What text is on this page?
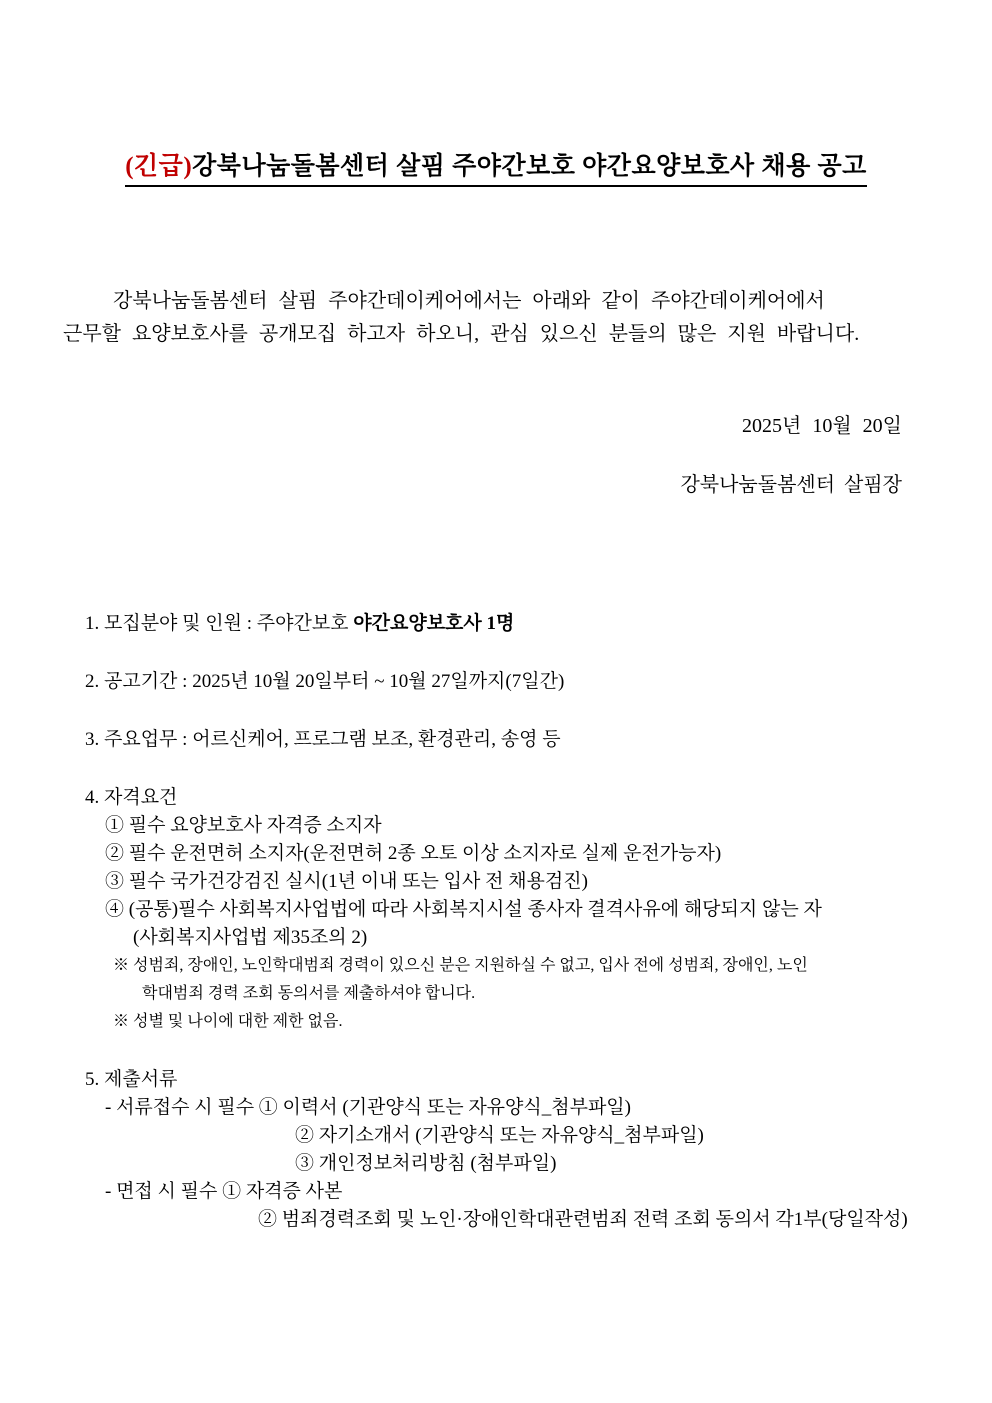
(긴급)강북나눔돌봄센터 살핌 주야간보호 야간요양보호사 채용 공고
강북나눔돌봄센터 살핌 주야간데이케어에서는 아래와 같이 주야간데이케어에서
근무할 요양보호사를 공개모집 하고자 하오니, 관심 있으신 분들의 많은 지원 바랍니다.
2025년 10월 20일
강북나눔돌봄센터 살핌장
1. 모집분야 및 인원 : 주야간보호 야간요양보호사 1명
2. 공고기간 : 2025년 10월 20일부터 ~ 10월 27일까지(7일간)
3. 주요업무 : 어르신케어, 프로그램 보조, 환경관리, 송영 등
4. 자격요건
① 필수 요양보호사 자격증 소지자
② 필수 운전면허 소지자(운전면허 2종 오토 이상 소지자로 실제 운전가능자)
③ 필수 국가건강검진 실시(1년 이내 또는 입사 전 채용검진)
④ (공통)필수 사회복지사업법에 따라 사회복지시설 종사자 결격사유에 해당되지 않는 자
(사회복지사업법 제35조의 2)
※ 성범죄, 장애인, 노인학대범죄 경력이 있으신 분은 지원하실 수 없고, 입사 전에 성범죄, 장애인, 노인
학대범죄 경력 조회 동의서를 제출하셔야 합니다.
※ 성별 및 나이에 대한 제한 없음.
5. 제출서류
- 서류접수 시 필수 ① 이력서 (기관양식 또는 자유양식_첨부파일)
② 자기소개서 (기관양식 또는 자유양식_첨부파일)
③ 개인정보처리방침 (첨부파일)
- 면접 시 필수 ① 자격증 사본
② 범죄경력조회 및 노인·장애인학대관련범죄 전력 조회 동의서 각1부(당일작성)
